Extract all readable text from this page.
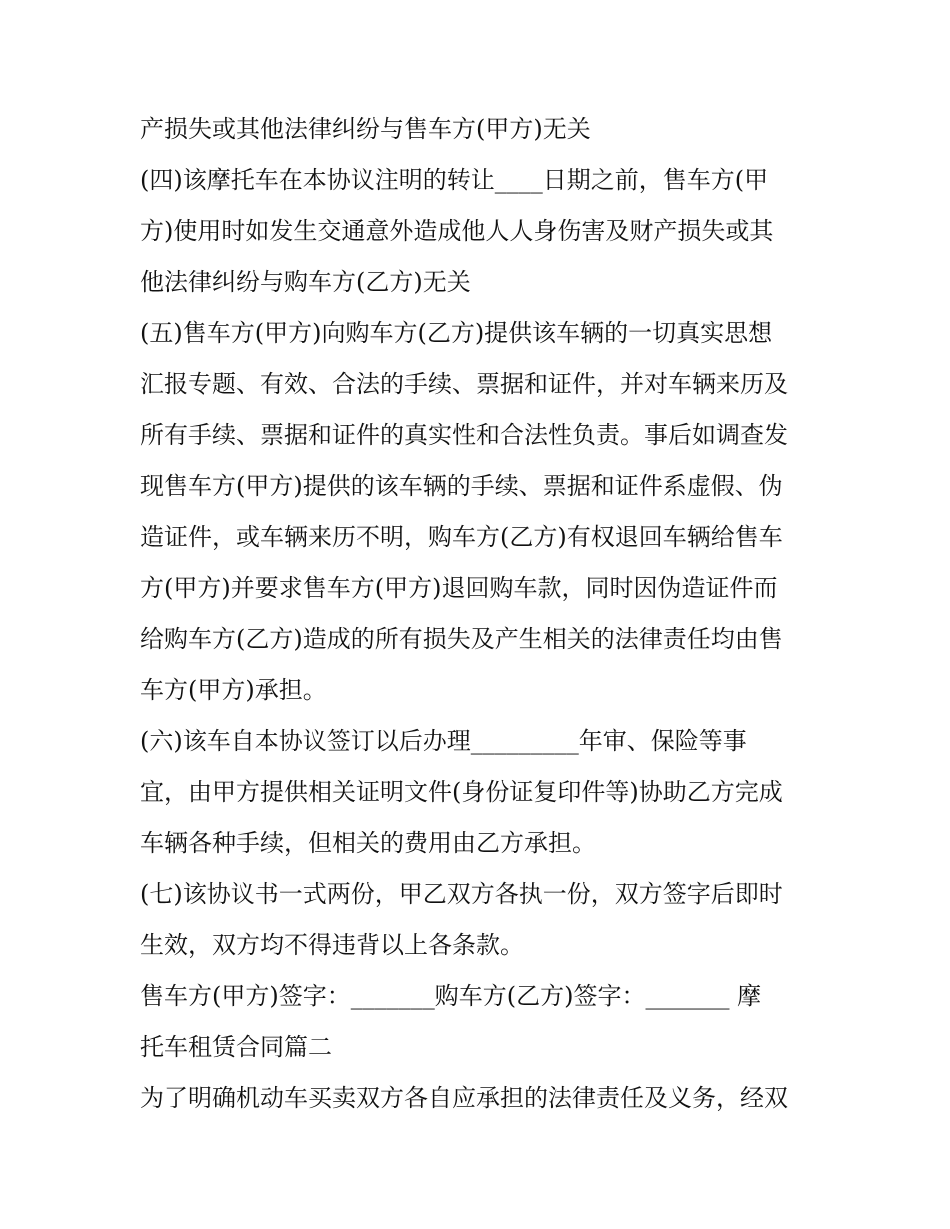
产损失或其他法律纠纷与售车方(甲方)无关

(四)该摩托车在本协议注明的转让____日期之前，售车方(甲

方)使用时如发生交通意外造成他人人身伤害及财产损失或其

他法律纠纷与购车方(乙方)无关

(五)售车方(甲方)向购车方(乙方)提供该车辆的一切真实思想

汇报专题、有效、合法的手续、票据和证件，并对车辆来历及

所有手续、票据和证件的真实性和合法性负责。事后如调查发

现售车方(甲方)提供的该车辆的手续、票据和证件系虚假、伪

造证件，或车辆来历不明，购车方(乙方)有权退回车辆给售车

方(甲方)并要求售车方(甲方)退回购车款，同时因伪造证件而

给购车方(乙方)造成的所有损失及产生相关的法律责任均由售

车方(甲方)承担。

(六)该车自本协议签订以后办理_________年审、保险等事

宜，由甲方提供相关证明文件(身份证复印件等)协助乙方完成

车辆各种手续，但相关的费用由乙方承担。

(七)该协议书一式两份，甲乙双方各执一份，双方签字后即时

生效，双方均不得违背以上各条款。

售车方(甲方)签字：_______购车方(乙方)签字：_______ 摩

托车租赁合同篇二

为了明确机动车买卖双方各自应承担的法律责任及义务，经双
